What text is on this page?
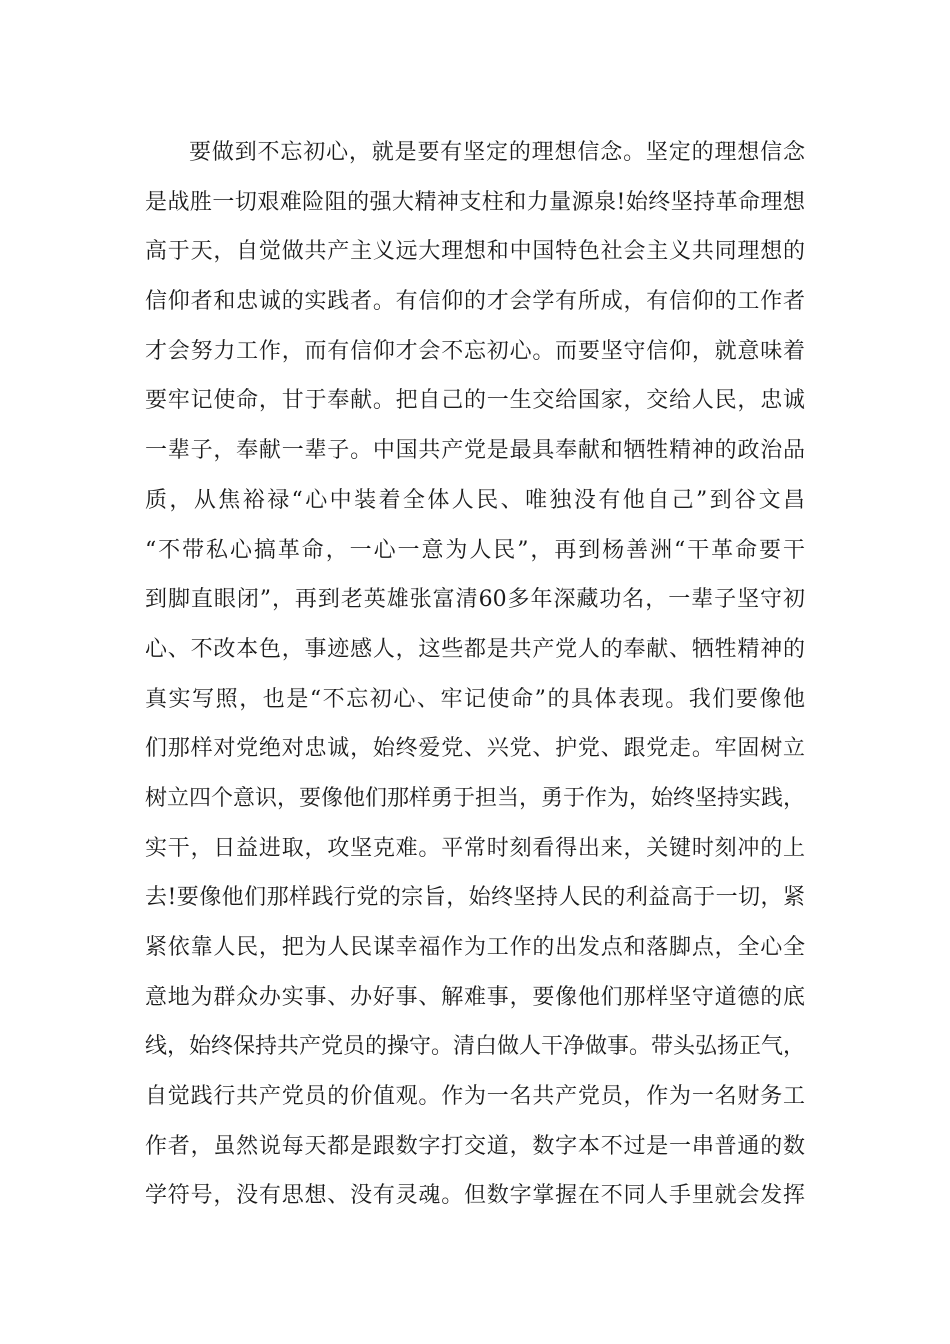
要做到不忘初心，就是要有坚定的理想信念。坚定的理想信念
是战胜一切艰难险阻的强大精神支柱和力量源泉!始终坚持革命理想
高于天，自觉做共产主义远大理想和中国特色社会主义共同理想的
信仰者和忠诚的实践者。有信仰的才会学有所成，有信仰的工作者
才会努力工作，而有信仰才会不忘初心。而要坚守信仰，就意味着
要牢记使命，甘于奉献。把自己的一生交给国家，交给人民，忠诚
一辈子，奉献一辈子。中国共产党是最具奉献和牺牲精神的政治品
质，从焦裕禄“心中装着全体人民、唯独没有他自己”到谷文昌
“不带私心搞革命，一心一意为人民”，再到杨善洲“干革命要干
到脚直眼闭”，再到老英雄张富清60多年深藏功名，一辈子坚守初
心、不改本色，事迹感人，这些都是共产党人的奉献、牺牲精神的
真实写照，也是“不忘初心、牢记使命”的具体表现。我们要像他
们那样对党绝对忠诚，始终爱党、兴党、护党、跟党走。牢固树立
树立四个意识，要像他们那样勇于担当，勇于作为，始终坚持实践，
实干，日益进取，攻坚克难。平常时刻看得出来，关键时刻冲的上
去!要像他们那样践行党的宗旨，始终坚持人民的利益高于一切，紧
紧依靠人民，把为人民谋幸福作为工作的出发点和落脚点，全心全
意地为群众办实事、办好事、解难事，要像他们那样坚守道德的底
线，始终保持共产党员的操守。清白做人干净做事。带头弘扬正气，
自觉践行共产党员的价值观。作为一名共产党员，作为一名财务工
作者，虽然说每天都是跟数字打交道，数字本不过是一串普通的数
学符号，没有思想、没有灵魂。但数字掌握在不同人手里就会发挥
